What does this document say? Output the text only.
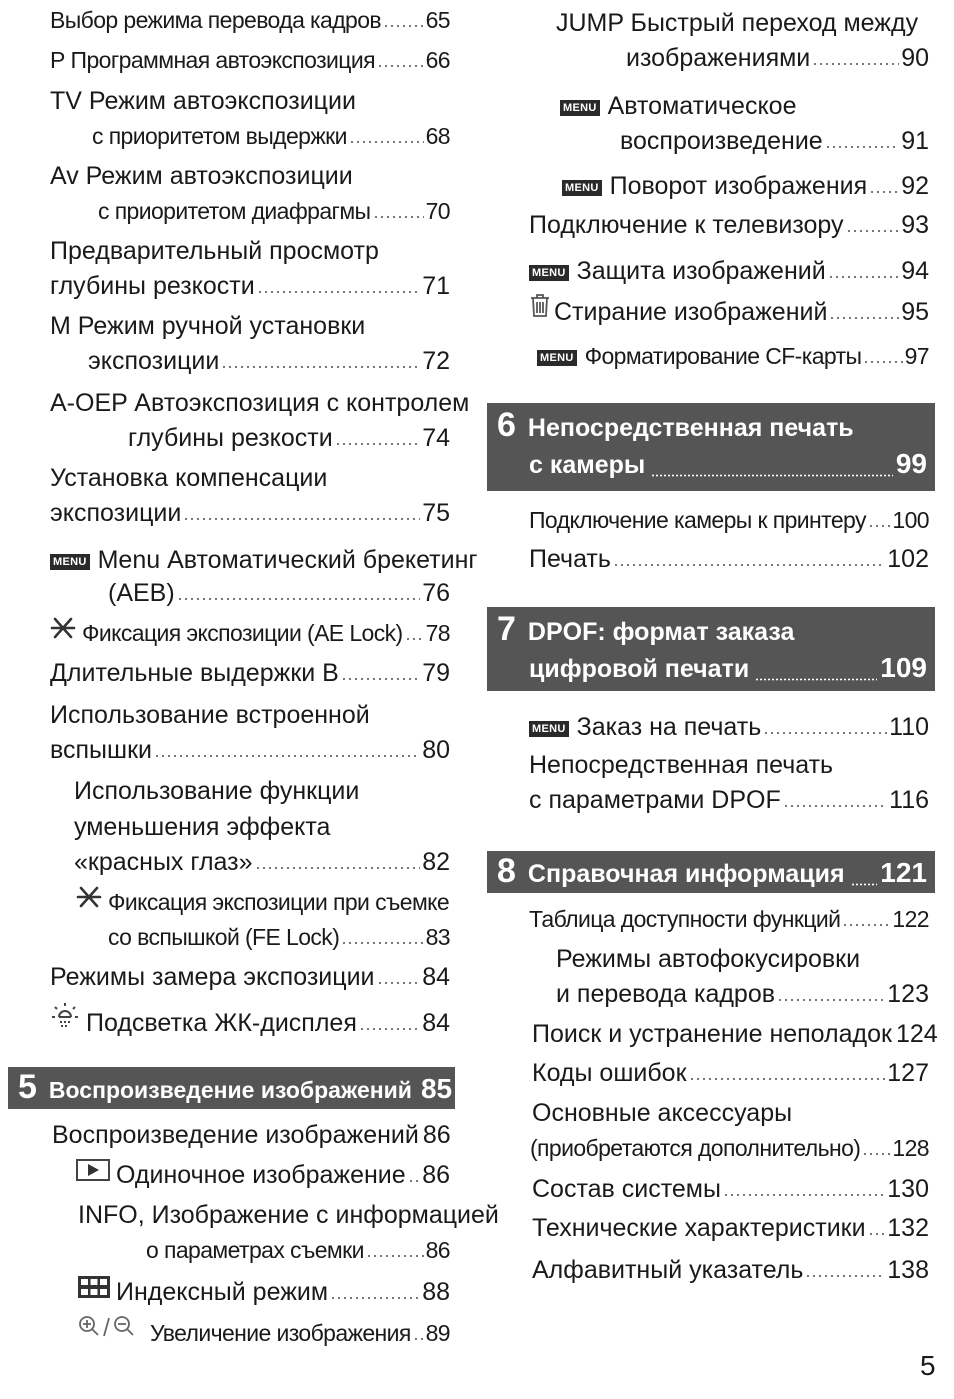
Выбор режима перевода кадров 65
Р Программная автоэкспозиция 66
TV Режим автоэкспозиции
с приоритетом выдержки	68
Av Режим автоэкспозиции
с приоритетом диафрагмы 70
Предварительный просмотр
глубины резкости	71
М Режим ручной установки
экспозиции	72
A-OEP Автоэкспозиция с контролем
глубины резкости	74
Установка компенсации
экспозиции	75
MENU Menu Автоматический брекетинг
(AEB)	76
Фиксация экспозиции (AE Lock) 78
Длительные выдержки B	79
Использование встроенной
вспышки	80
Использование функции
уменьшения эффекта
«красных глаз»	82
Фиксация экспозиции при съемке
со вспышкой (FE Lock)	83
Режимы замера экспозиции 84
Подсветка ЖК-дисплея	84
5 Воспроизведение изображений 85
Воспроизведение изображений 86
Одиночное изображение 86
INFO, Изображение с информацией
о параметрах съемки	86
Индексный режим	88
Увеличение изображения 89
JUMP Быстрый переход между
изображениями	90
MENU Автоматическое
воспроизведение	91
MENU Поворот изображения 92
Подключение к телевизору 93
MENU Защита изображений	94
Стирание изображений	95
MENU Форматирование CF-карты 97
6 Непосредственная печать
с камеры	99
Подключение камеры к принтеру 100
Печать	102
7 DPOF: формат заказа
цифровой печати	109
MENU Заказ на печать	110
Непосредственная печать
с параметрами DPOF	116
8 Справочная информация 121
Таблица доступности функций 122
Режимы автофокусировки
и перевода кадров	123
Поиск и устранение неполадок 124
Коды ошибок	127
Основные аксессуары
(приобретаются дополнительно) 128
Состав системы	130
Технические характеристики 132
Алфавитный указатель	138
5
